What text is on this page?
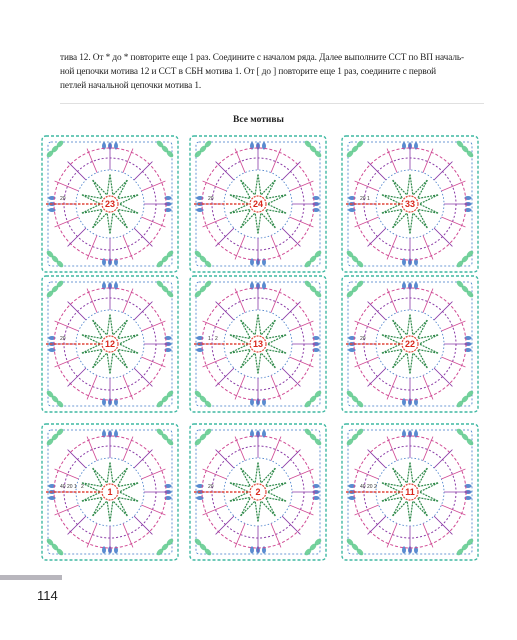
тива 12. От * до * повторите еще 1 раз. Соедините с началом ряда. Далее выполните ССТ по ВП началь-

ной цепочки мотива 12 и ССТ в СБН мотива 1. От [ до ] повторите еще 1 раз, соедините с первой

петлей начальной цепочки мотива 1.

Все мотивы
23
20	24
20	33
20 1
12
20	13
1 2	22
20
1
40 20 1 2	2
20	11
40 20 2
114
